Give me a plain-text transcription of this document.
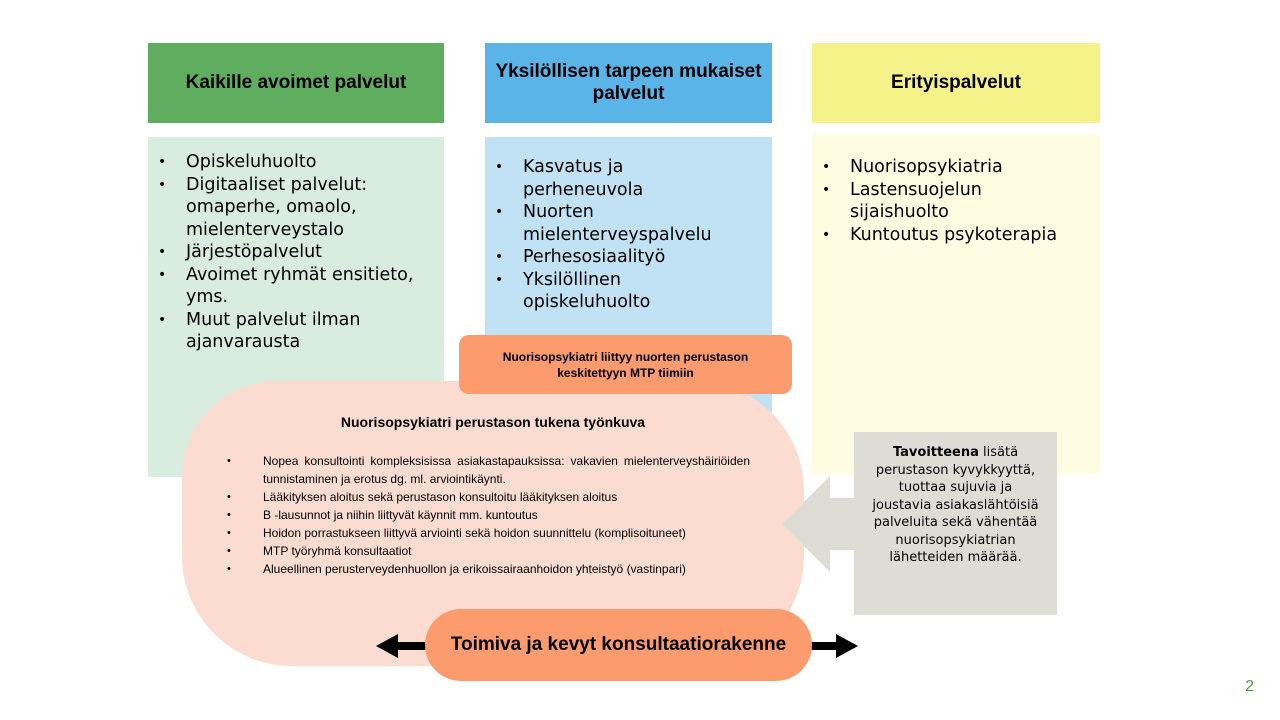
Kaikille avoimet palvelut
• Opiskeluhuolto
• Digitaaliset palvelut: omaperhe, omaolo, mielenterveystalo
• Järjestöpalvelut
• Avoimet ryhmät ensitieto, yms.
• Muut palvelut ilman ajanvarausta
Yksilöllisen tarpeen mukaiset palvelut
• Kasvatus ja perheneuvola
• Nuorten mielenterveyspalvelu
• Perhesosiaalityö
• Yksilöllinen opiskeluhuolto
Erityispalvelut
• Nuorisopsykiatria
• Lastensuojelun sijaishuolto
• Kuntoutus psykoterapia
Nuorisopsykiatri perustason tukena työnkuva
• Nopea konsultointi kompleksisissa asiakastapauksissa: vakavien mielenterveyshäiriöiden tunnistaminen ja erotus dg. ml. arviointikäynti.
• Lääkityksen aloitus sekä perustason konsultoitu lääkityksen aloitus
• B -lausunnot ja niihin liittyvät käynnit mm. kuntoutus
• Hoidon porrastukseen liittyvä arviointi sekä hoidon suunnittelu (komplisoituneet)
• MTP työryhmä konsultaatiot
• Alueellinen perusterveydenhuollon ja erikoissairaanhoidon yhteistyö (vastinpari)
Nuorisopsykiatri liittyy nuorten perustason keskitettyyn MTP tiimiin
Toimiva ja kevyt konsultaatiorakenne
Tavoitteena lisätä perustason kyvykkyyttä, tuottaa sujuvia ja joustavia asiakaslähtöisiä palveluita sekä vähentää nuorisopsykiatrian lähetteiden määrää.
2
